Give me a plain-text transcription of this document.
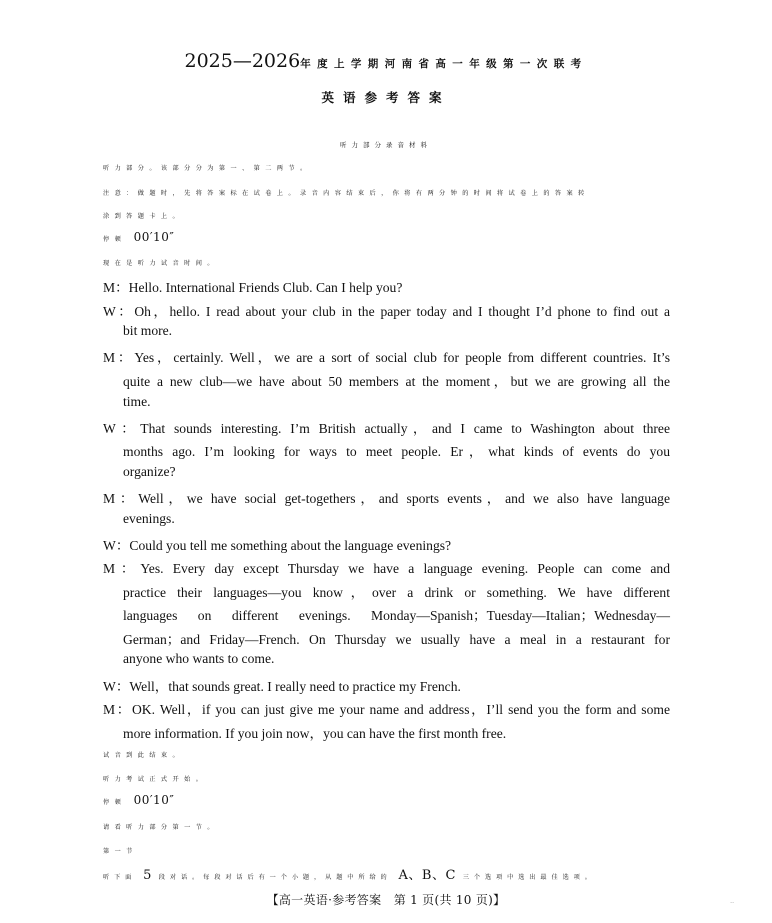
2025—2026年度上学期河南省高一年级第一次联考
英语参考答案
听力部分录音材料
听力部分。该部分分为第一、第二两节。
注意：做题时，先将答案标在试卷上。录音内容结束后，你将有两分钟的时间将试卷上的答案转
涂到答题卡上。
停顿 00′10″
现在是听力试音时间。
M：Hello. International Friends Club. Can I help you?
W：Oh，hello. I read about your club in the paper today and I thought I’d phone to find out a
bit more.
M：Yes，certainly. Well，we are a sort of social club for people from different countries. It’s
quite a new club—we have about 50 members at the moment，but we are growing all the
time.
W：That sounds interesting. I’m British actually，and I came to Washington about three
months ago. I’m looking for ways to meet people. Er，what kinds of events do you
organize?
M：Well，we have social get-togethers，and sports events，and we also have language
evenings.
W：Could you tell me something about the language evenings?
M：Yes. Every day except Thursday we have a language evening. People can come and
practice their languages—you know，over a drink or something. We have different
languages on different evenings. Monday—Spanish；Tuesday—Italian；Wednesday—
German；and Friday—French. On Thursday we usually have a meal in a restaurant for
anyone who wants to come.
W：Well，that sounds great. I really need to practice my French.
M：OK. Well，if you can just give me your name and address，I’ll send you the form and some
more information. If you join now，you can have the first month free.
试音到此结束。
听力考试正式开始。
停顿 00′10″
请看听力部分第一节。
第一节
听下面 5 段对话。每段对话后有一个小题，从题中所给的 A、B、C 三个选项中选出最佳选项。
【高一英语·参考答案　第 1 页(共 10 页)】	··
